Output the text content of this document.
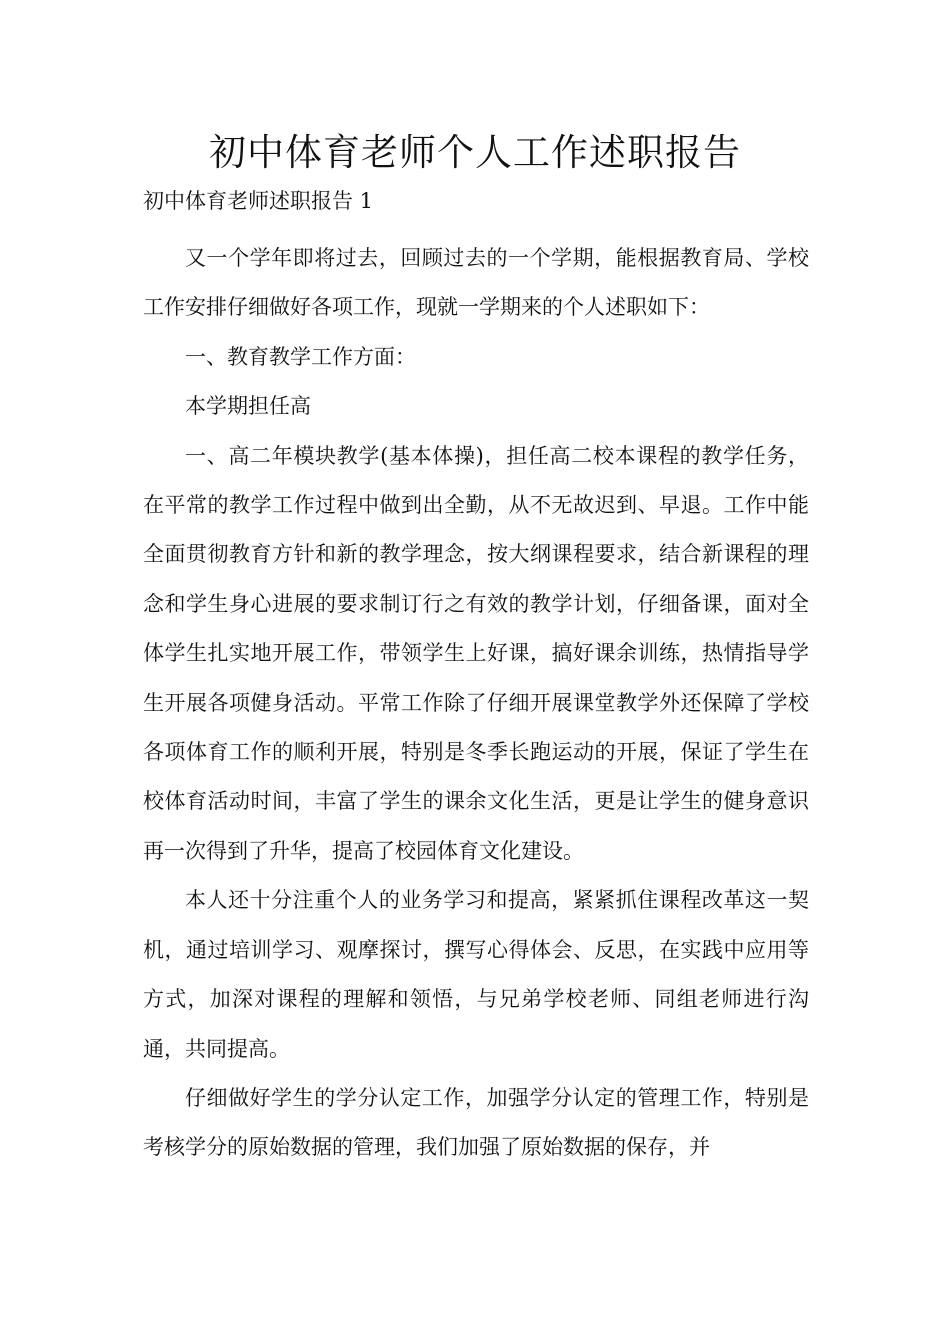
初中体育老师个人工作述职报告

初中体育老师述职报告 1

又一个学年即将过去，回顾过去的一个学期，能根据教育局、学校工作安排仔细做好各项工作，现就一学期来的个人述职如下：

一、教育教学工作方面：

本学期担任高

一、高二年模块教学(基本体操)，担任高二校本课程的教学任务，在平常的教学工作过程中做到出全勤，从不无故迟到、早退。工作中能全面贯彻教育方针和新的教学理念，按大纲课程要求，结合新课程的理念和学生身心进展的要求制订行之有效的教学计划，仔细备课，面对全体学生扎实地开展工作，带领学生上好课，搞好课余训练，热情指导学生开展各项健身活动。平常工作除了仔细开展课堂教学外还保障了学校各项体育工作的顺利开展，特别是冬季长跑运动的开展，保证了学生在校体育活动时间，丰富了学生的课余文化生活，更是让学生的健身意识再一次得到了升华，提高了校园体育文化建设。

本人还十分注重个人的业务学习和提高，紧紧抓住课程改革这一契机，通过培训学习、观摩探讨，撰写心得体会、反思，在实践中应用等方式，加深对课程的理解和领悟，与兄弟学校老师、同组老师进行沟通，共同提高。

仔细做好学生的学分认定工作，加强学分认定的管理工作，特别是考核学分的原始数据的管理，我们加强了原始数据的保存，并
